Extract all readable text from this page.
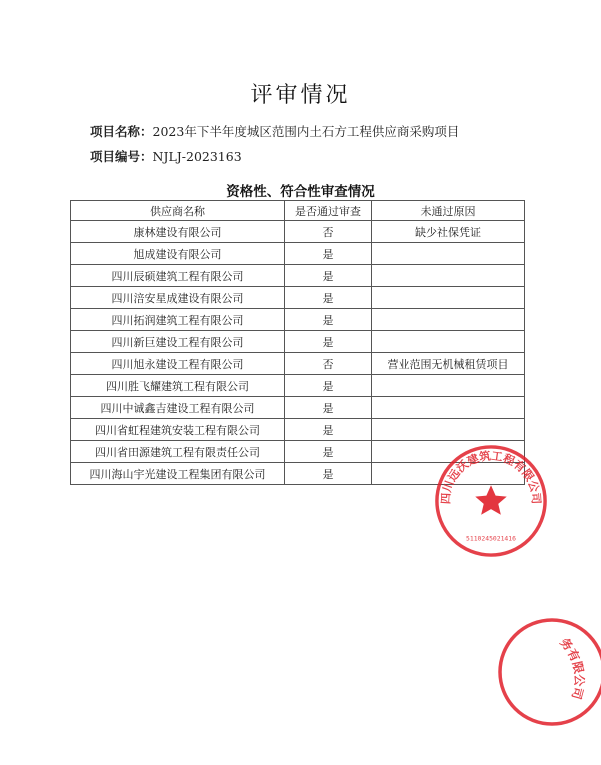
评审情况
项目名称：2023年下半年度城区范围内土石方工程供应商采购项目
项目编号：NJLJ-2023163
资格性、符合性审查情况
供应商名称	是否通过审查	未通过原因
康林建设有限公司	否	缺少社保凭证
旭成建设有限公司	是	
四川辰硕建筑工程有限公司	是	
四川涪安星成建设有限公司	是	
四川拓润建筑工程有限公司	是	
四川新巨建设工程有限公司	是	
四川旭永建设工程有限公司	否	营业范围无机械租赁项目
四川胜飞耀建筑工程有限公司	是	
四川中诚鑫吉建设工程有限公司	是	
四川省虹程建筑安装工程有限公司	是	
四川省田源建筑工程有限责任公司	是	
四川海山宇光建设工程集团有限公司	是	
四川远沃建筑工程有限公司
5110245021416
务有限公司
